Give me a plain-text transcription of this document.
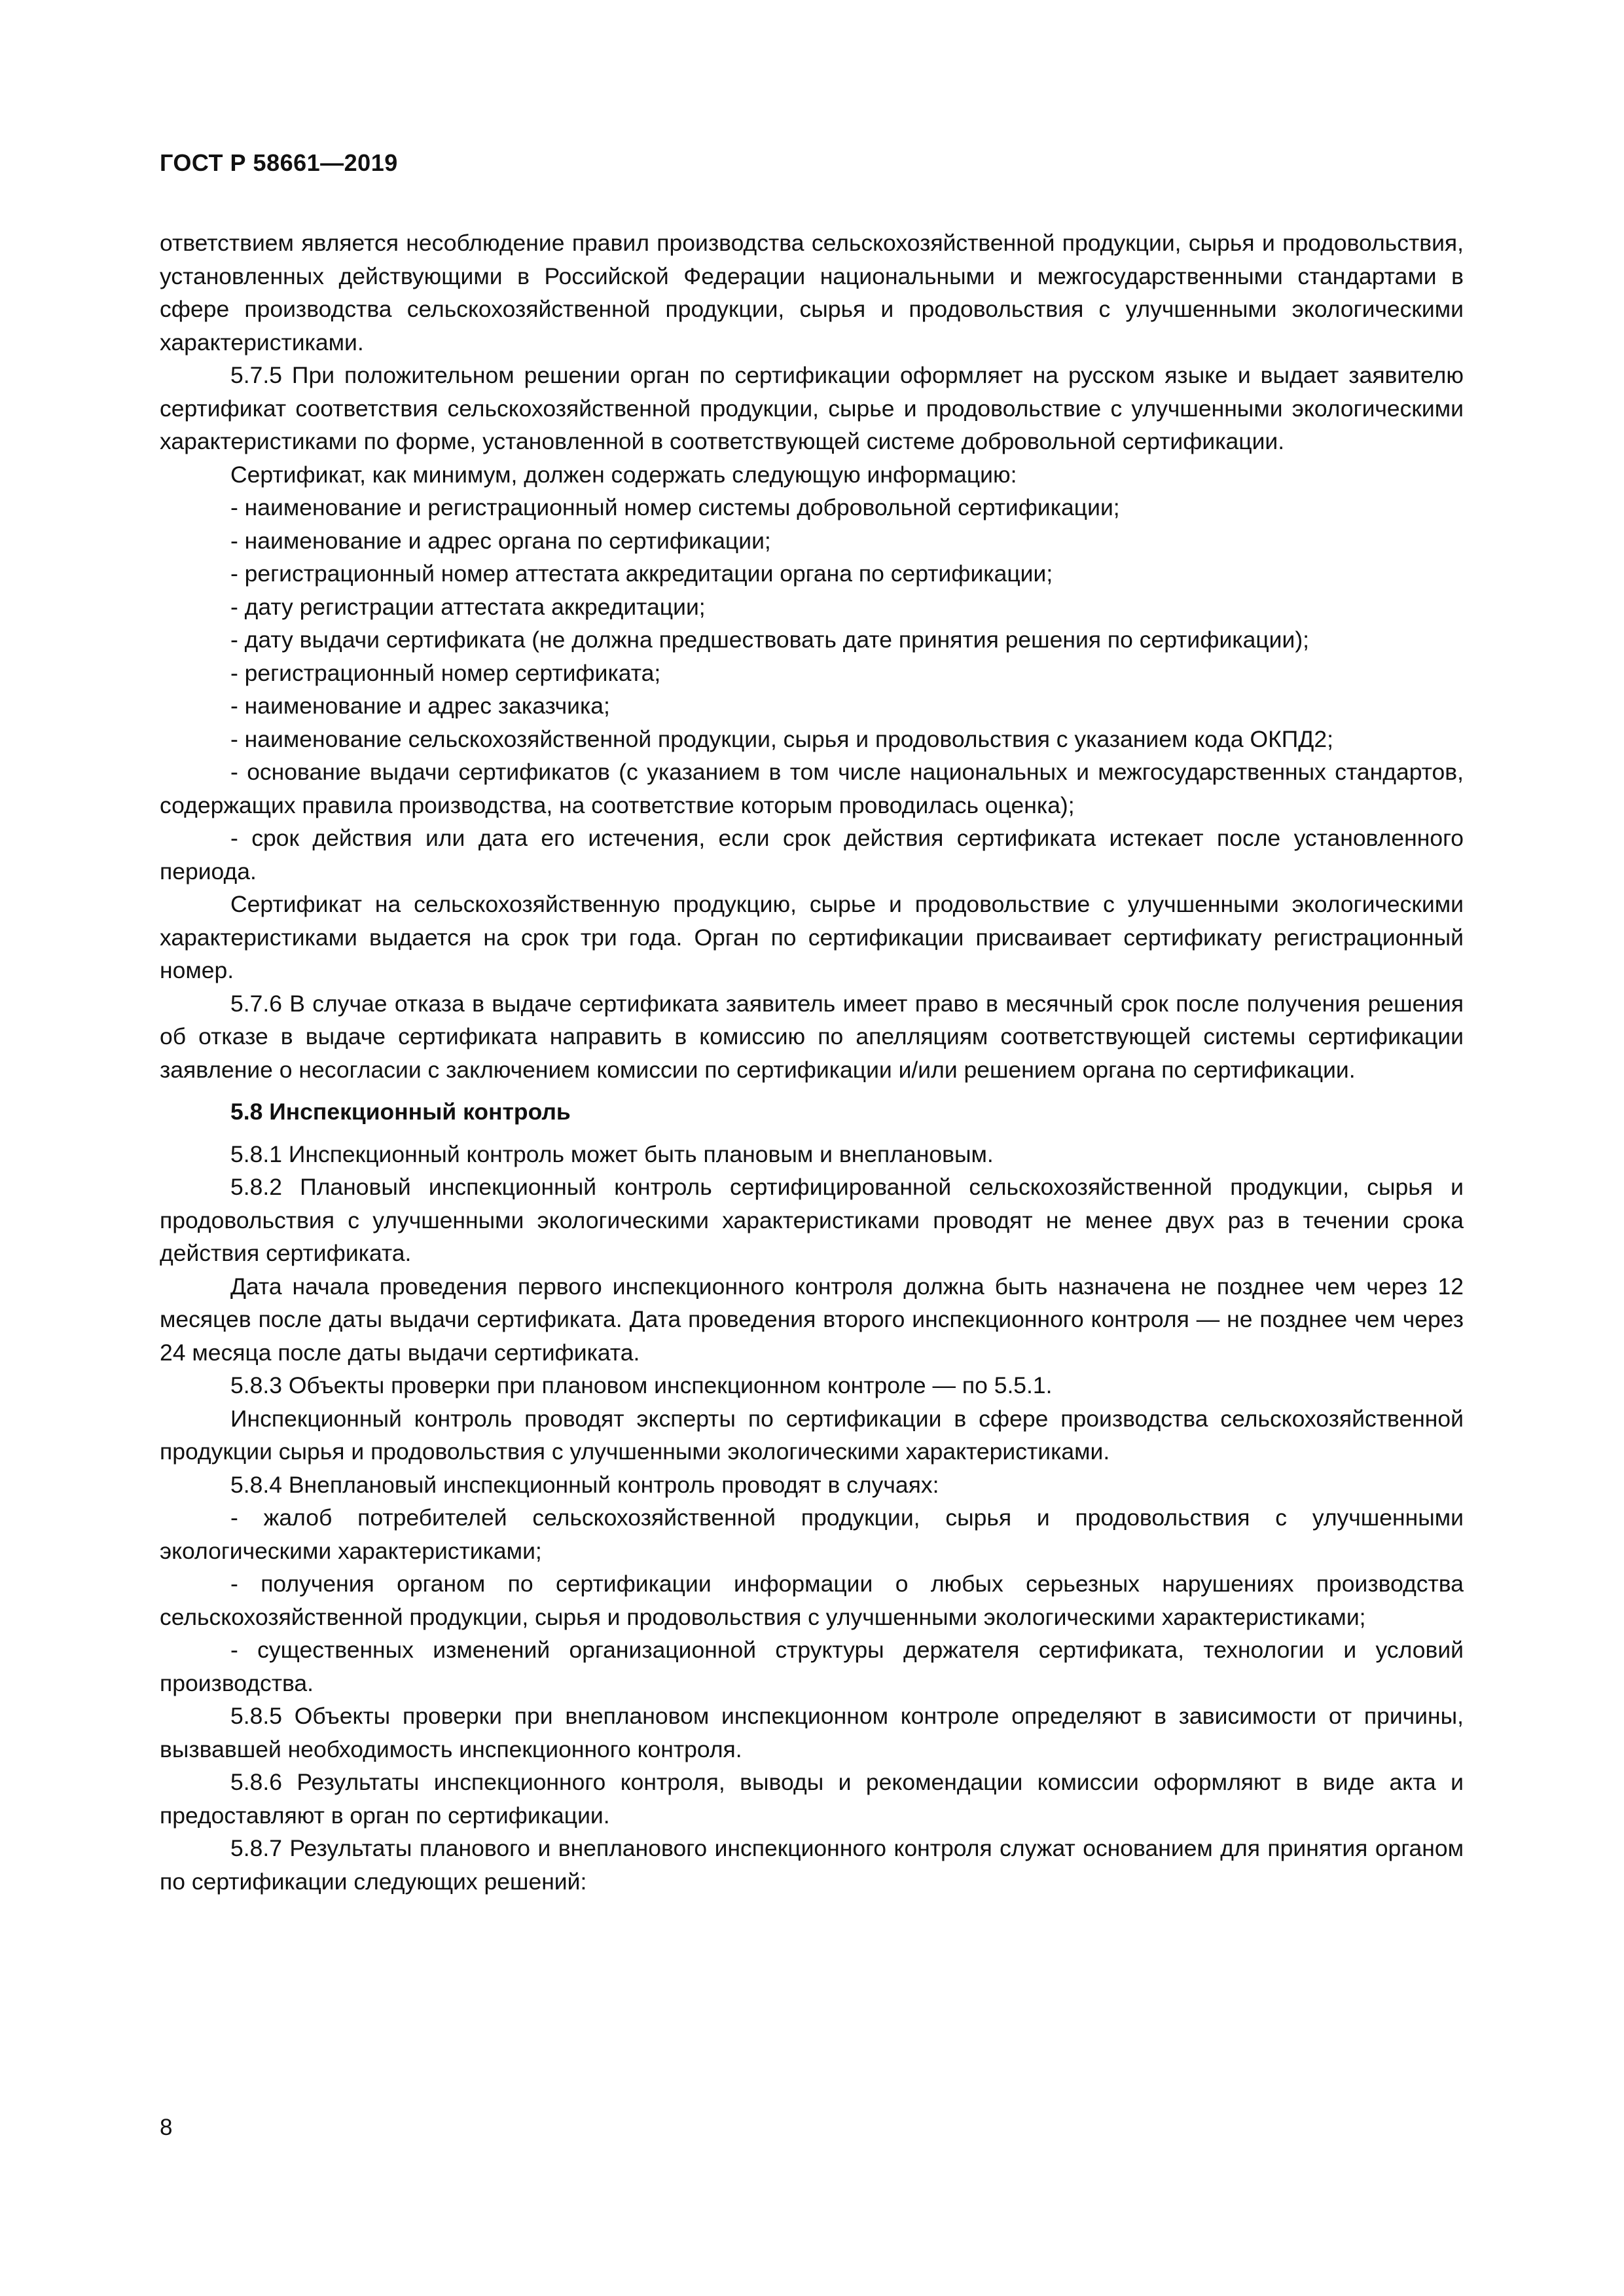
ГОСТ Р 58661—2019

ответствием является несоблюдение правил производства сельскохозяйственной продукции, сырья и продовольствия, установленных действующими в Российской Федерации национальными и межгосударственными стандартами в сфере производства сельскохозяйственной продукции, сырья и продовольствия с улучшенными экологическими характеристиками.

5.7.5 При положительном решении орган по сертификации оформляет на русском языке и выдает заявителю сертификат соответствия сельскохозяйственной продукции, сырье и продовольствие с улучшенными экологическими характеристиками по форме, установленной в соответствующей системе добровольной сертификации.

Сертификат, как минимум, должен содержать следующую информацию:

- наименование и регистрационный номер системы добровольной сертификации;

- наименование и адрес органа по сертификации;

- регистрационный номер аттестата аккредитации органа по сертификации;

- дату регистрации аттестата аккредитации;

- дату выдачи сертификата (не должна предшествовать дате принятия решения по сертификации);

- регистрационный номер сертификата;

- наименование и адрес заказчика;

- наименование сельскохозяйственной продукции, сырья и продовольствия с указанием кода ОКПД2;

- основание выдачи сертификатов (с указанием в том числе национальных и межгосударственных стандартов, содержащих правила производства, на соответствие которым проводилась оценка);

- срок действия или дата его истечения, если срок действия сертификата истекает после установленного периода.

Сертификат на сельскохозяйственную продукцию, сырье и продовольствие с улучшенными экологическими характеристиками выдается на срок три года. Орган по сертификации присваивает сертификату регистрационный номер.

5.7.6 В случае отказа в выдаче сертификата заявитель имеет право в месячный срок после получения решения об отказе в выдаче сертификата направить в комиссию по апелляциям соответствующей системы сертификации заявление о несогласии с заключением комиссии по сертификации и/или решением органа по сертификации.

5.8 Инспекционный контроль

5.8.1 Инспекционный контроль может быть плановым и внеплановым.

5.8.2 Плановый инспекционный контроль сертифицированной сельскохозяйственной продукции, сырья и продовольствия с улучшенными экологическими характеристиками проводят не менее двух раз в течении срока действия сертификата.

Дата начала проведения первого инспекционного контроля должна быть назначена не позднее чем через 12 месяцев после даты выдачи сертификата. Дата проведения второго инспекционного контроля — не позднее чем через 24 месяца после даты выдачи сертификата.

5.8.3 Объекты проверки при плановом инспекционном контроле — по 5.5.1.

Инспекционный контроль проводят эксперты по сертификации в сфере производства сельскохозяйственной продукции сырья и продовольствия с улучшенными экологическими характеристиками.

5.8.4 Внеплановый инспекционный контроль проводят в случаях:

- жалоб потребителей сельскохозяйственной продукции, сырья и продовольствия с улучшенными экологическими характеристиками;

- получения органом по сертификации информации о любых серьезных нарушениях производства сельскохозяйственной продукции, сырья и продовольствия с улучшенными экологическими характеристиками;

- существенных изменений организационной структуры держателя сертификата, технологии и условий производства.

5.8.5 Объекты проверки при внеплановом инспекционном контроле определяют в зависимости от причины, вызвавшей необходимость инспекционного контроля.

5.8.6 Результаты инспекционного контроля, выводы и рекомендации комиссии оформляют в виде акта и предоставляют в орган по сертификации.

5.8.7 Результаты планового и внепланового инспекционного контроля служат основанием для принятия органом по сертификации следующих решений:

8
